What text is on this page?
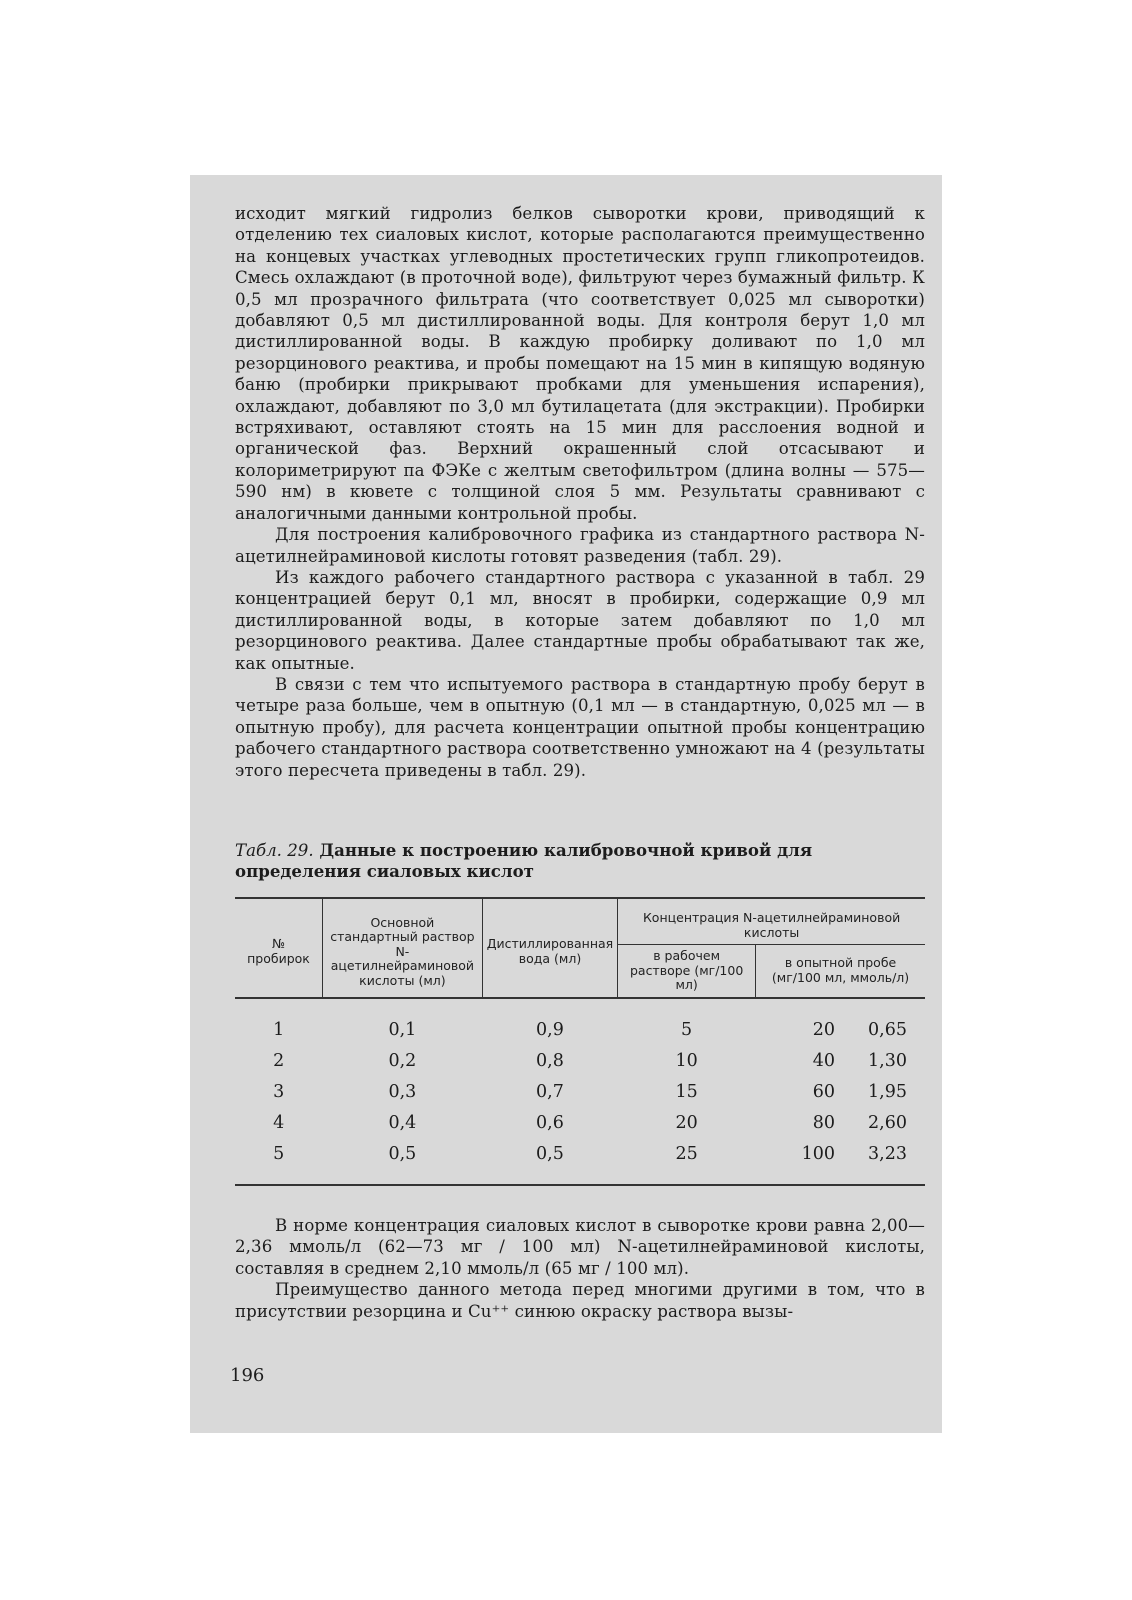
исходит мягкий гидролиз белков сыворотки крови, приводящий к отделению тех сиаловых кислот, которые располагаются преимущественно на концевых участках углеводных простетических групп гликопротеидов. Смесь охлаждают (в проточной воде), фильтруют через бумажный фильтр. К 0,5 мл прозрачного фильтрата (что соответствует 0,025 мл сыворотки) добавляют 0,5 мл дистиллированной воды. Для контроля берут 1,0 мл дистиллированной воды. В каждую пробирку доливают по 1,0 мл резорцинового реактива, и пробы помещают на 15 мин в кипящую водяную баню (пробирки прикрывают пробками для уменьшения испарения), охлаждают, добавляют по 3,0 мл бутилацетата (для экстракции). Пробирки встряхивают, оставляют стоять на 15 мин для расслоения водной и органической фаз. Верхний окрашенный слой отсасывают и колориметрируют па ФЭКе с желтым светофильтром (длина волны — 575—590 нм) в кювете с толщиной слоя 5 мм. Результаты сравнивают с аналогичными данными контрольной пробы.

Для построения калибровочного графика из стандартного раствора N-ацетилнейраминовой кислоты готовят разведения (табл. 29).

Из каждого рабочего стандартного раствора с указанной в табл. 29 концентрацией берут 0,1 мл, вносят в пробирки, содержащие 0,9 мл дистиллированной воды, в которые затем добавляют по 1,0 мл резорцинового реактива. Далее стандартные пробы обрабатывают так же, как опытные.

В связи с тем что испытуемого раствора в стандартную пробу берут в четыре раза больше, чем в опытную (0,1 мл — в стандартную, 0,025 мл — в опытную пробу), для расчета концентрации опытной пробы концентрацию рабочего стандартного раствора соответственно умножают на 4 (результаты этого пересчета приведены в табл. 29).

Табл. 29. Данные к построению калибровочной кривой для определения сиаловых кислот
№ пробирок	Основной стандартный раствор N-ацетилнейраминовой кислоты (мл)	Дистиллированная вода (мл)	Концентрация N-ацетилнейраминовой кислоты	
			в рабочем растворе (мг/100 мл)	в опытной пробе (мг/100 мл, ммоль/л)
1	0,1	0,9	5	20 0,65

2	0,2	0,8	10	40 1,30

3	0,3	0,7	15	60 1,95

4	0,4	0,6	20	80 2,60

5	0,5	0,5	25	100 3,23

В норме концентрация сиаловых кислот в сыворотке крови равна 2,00—2,36 ммоль/л (62—73 мг / 100 мл) N-ацетилнейраминовой кислоты, составляя в среднем 2,10 ммоль/л (65 мг / 100 мл).

Преимущество данного метода перед многими другими в том, что в присутствии резорцина и Cu⁺⁺ синюю окраску раствора вызы-

196
